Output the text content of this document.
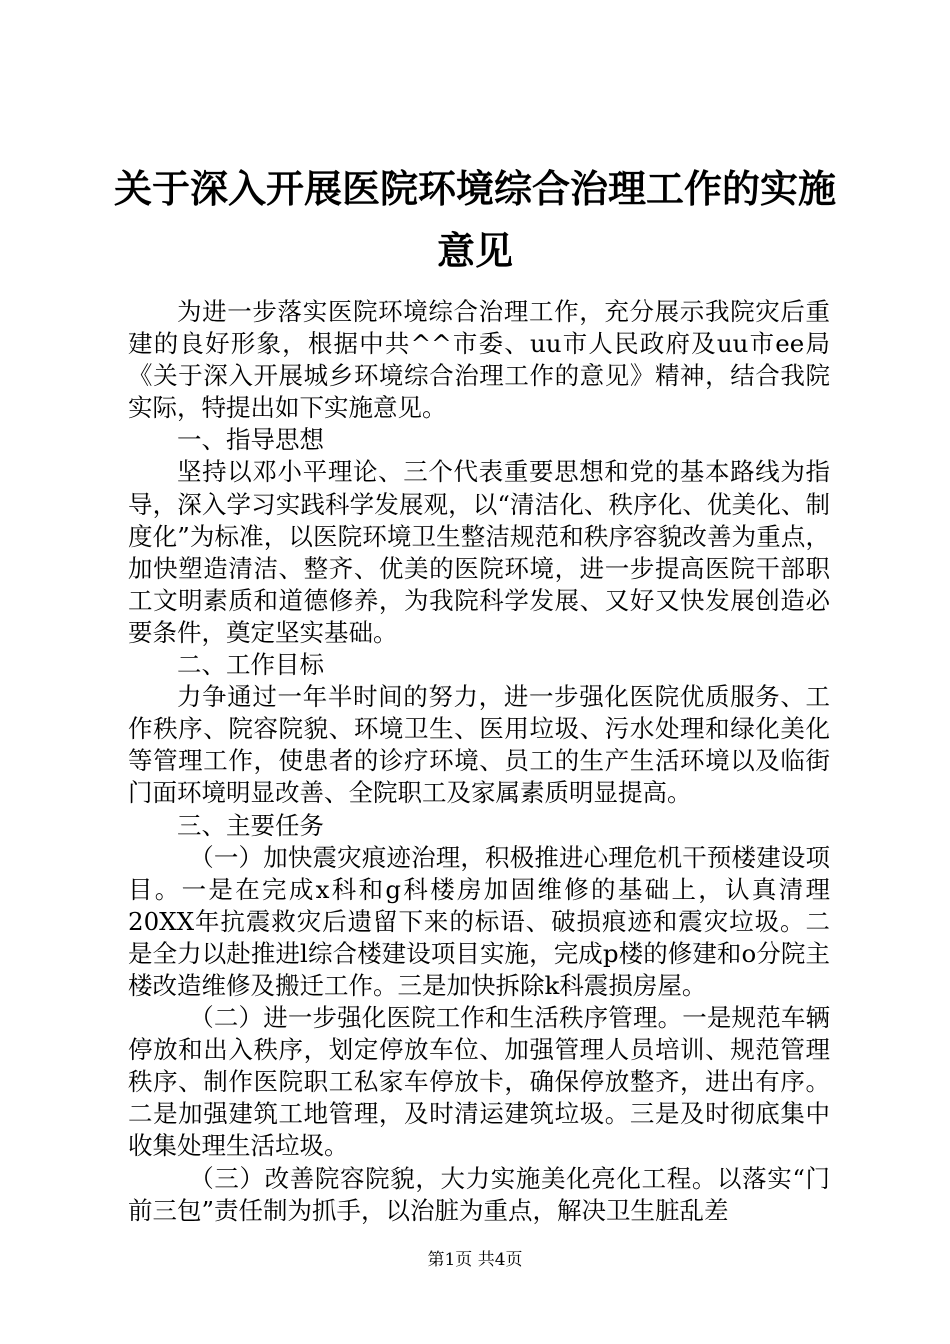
关于深入开展医院环境综合治理工作的实施意见

为进一步落实医院环境综合治理工作，充分展示我院灾后重建的良好形象，根据中共^^市委、uu市人民政府及uu市ee局《关于深入开展城乡环境综合治理工作的意见》精神，结合我院实际，特提出如下实施意见。

一、指导思想

坚持以邓小平理论、三个代表重要思想和党的基本路线为指导，深入学习实践科学发展观，以“清洁化、秩序化、优美化、制度化”为标准，以医院环境卫生整洁规范和秩序容貌改善为重点，加快塑造清洁、整齐、优美的医院环境，进一步提高医院干部职工文明素质和道德修养，为我院科学发展、又好又快发展创造必要条件，奠定坚实基础。

二、工作目标

力争通过一年半时间的努力，进一步强化医院优质服务、工作秩序、院容院貌、环境卫生、医用垃圾、污水处理和绿化美化等管理工作，使患者的诊疗环境、员工的生产生活环境以及临街门面环境明显改善、全院职工及家属素质明显提高。

三、主要任务

（一）加快震灾痕迹治理，积极推进心理危机干预楼建设项目。一是在完成x科和g科楼房加固维修的基础上，认真清理20XX年抗震救灾后遗留下来的标语、破损痕迹和震灾垃圾。二是全力以赴推进l综合楼建设项目实施，完成p楼的修建和o分院主楼改造维修及搬迁工作。三是加快拆除k科震损房屋。

（二）进一步强化医院工作和生活秩序管理。一是规范车辆停放和出入秩序，划定停放车位、加强管理人员培训、规范管理秩序、制作医院职工私家车停放卡，确保停放整齐，进出有序。二是加强建筑工地管理，及时清运建筑垃圾。三是及时彻底集中收集处理生活垃圾。

（三）改善院容院貌，大力实施美化亮化工程。以落实“门前三包”责任制为抓手，以治脏为重点，解决卫生脏乱差

第1页 共4页
